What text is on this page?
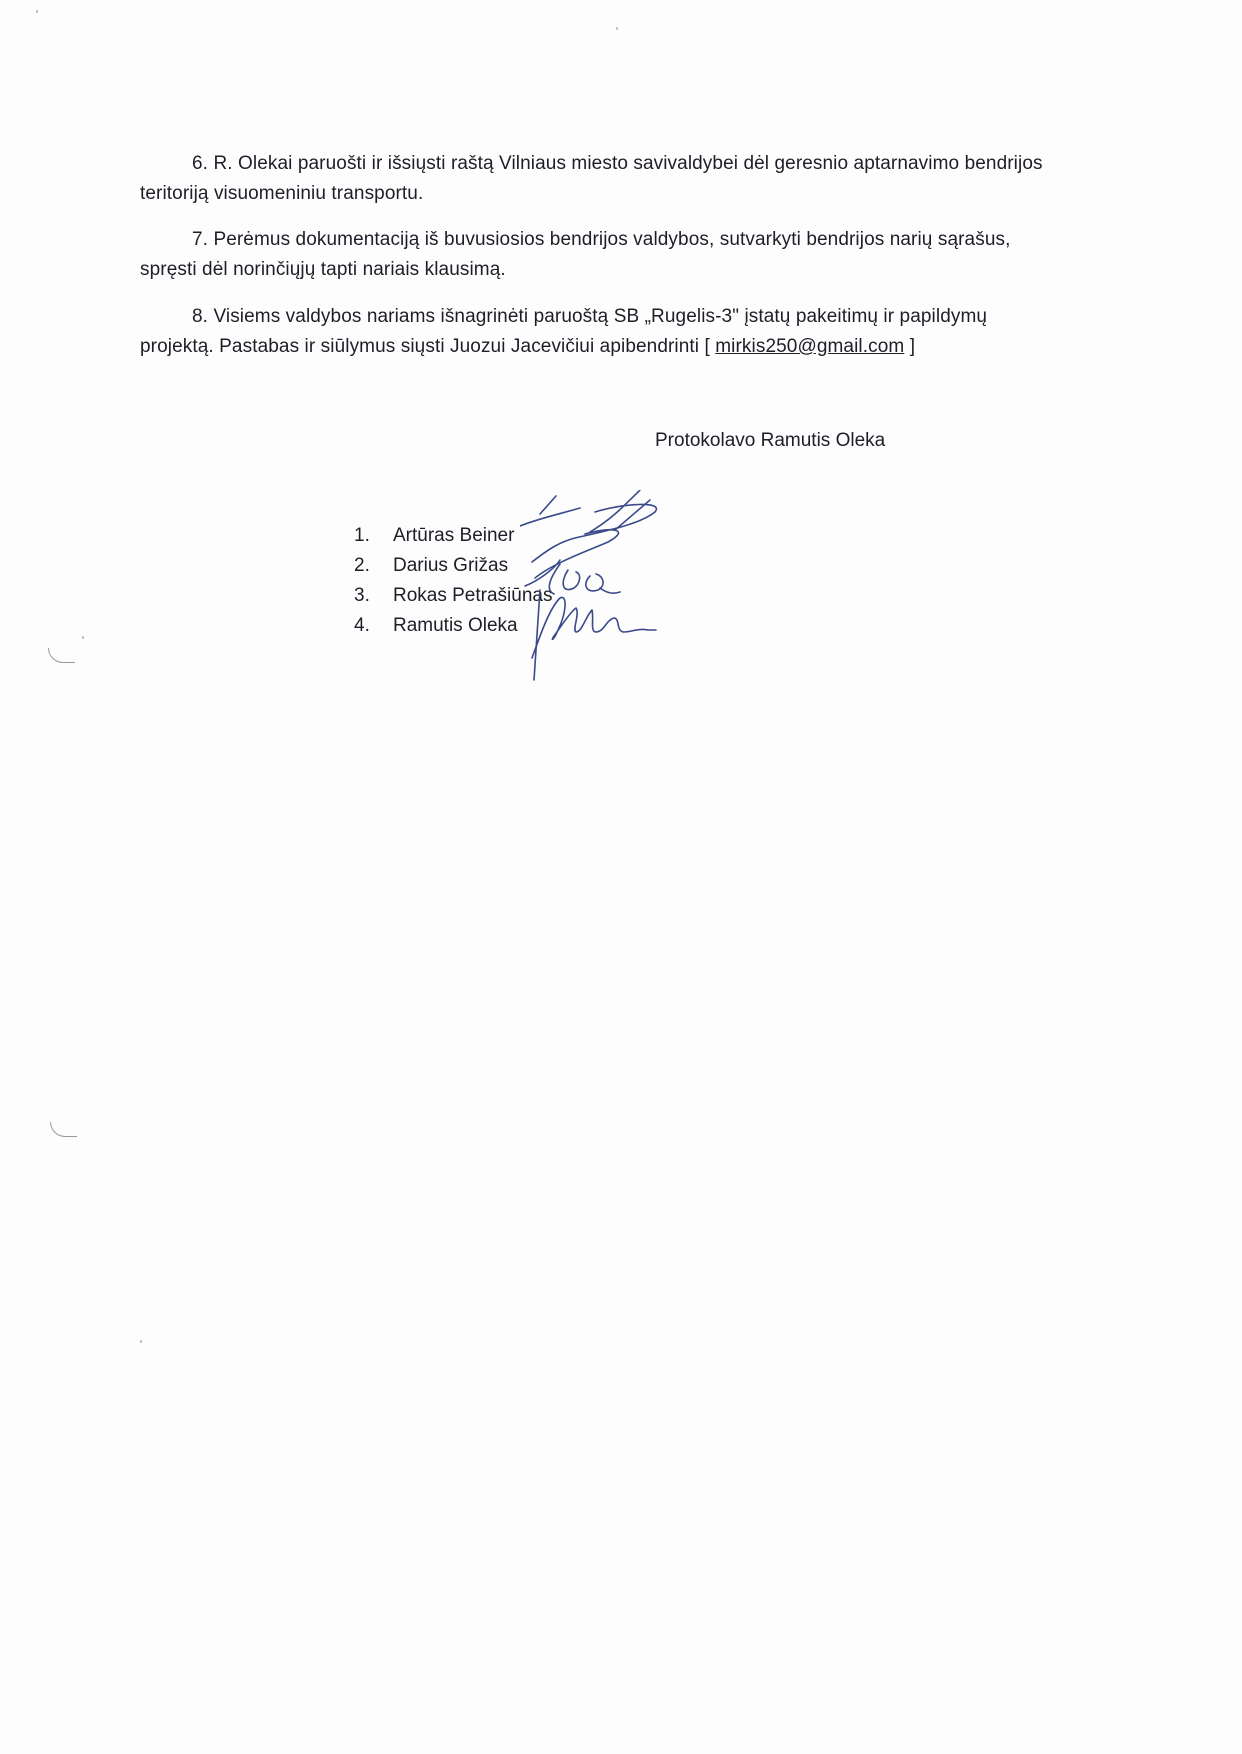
6. R. Olekai paruošti ir išsiųsti raštą Vilniaus miesto savivaldybei dėl geresnio aptarnavimo bendrijos
teritoriją visuomeniniu transportu.
7. Perėmus dokumentaciją iš buvusiosios bendrijos valdybos, sutvarkyti bendrijos narių sąrašus,
spręsti dėl norinčiųjų tapti nariais klausimą.
8. Visiems valdybos nariams išnagrinėti paruoštą SB „Rugelis-3" įstatų pakeitimų ir papildymų
projektą. Pastabas ir siūlymus siųsti Juozui Jacevičiui apibendrinti [ mirkis250@gmail.com ]
Protokolavo Ramutis Oleka
1. Artūras Beiner
2. Darius Grižas
3. Rokas Petrašiūnas
4. Ramutis Oleka
